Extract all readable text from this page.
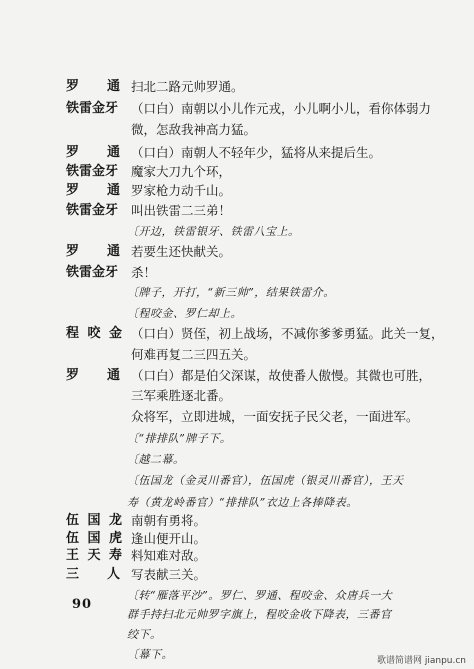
罗 通 扫北二路元帅罗通。
铁 雷 金 牙 （口白）南朝以小儿作元戎，小儿啊小儿，看你体弱力
微，怎敌我神高力猛。
罗 通 （口白）南朝人不轻年少，猛将从来提后生。
铁 雷 金 牙 魔家大刀九个环，
罗 通 罗家枪力动千山。
铁 雷 金 牙 叫出铁雷二三弟！
〔开边，铁雷银牙、铁雷八宝上。
罗 通 若要生还快献关。
铁 雷 金 牙 杀！
〔牌子，开打，“新三帅”，结果铁雷介。
〔程咬金、罗仁却上。
程 咬 金 （口白）贤侄，初上战场，不减你爹爹勇猛。此关一复，
何难再复二三四五关。
罗 通 （口白）都是伯父深谋，故使番人傲慢。其微也可胜，
三军乘胜逐北番。
众将军，立即进城，一面安抚子民父老，一面进军。
〔“排排队”牌子下。
〔越二幕。
〔伍国龙（金灵川番官），伍国虎（银灵川番官），王天
寿（黄龙岭番官）“排排队”衣边上各捧降表。
伍 国 龙 南朝有勇将。
伍 国 虎 逢山便开山。
王 天 寿 料知难对敌。
三 人 写表献三关。
〔转“雁落平沙”。罗仁、罗通、程咬金、众唐兵一大
群手持扫北元帅罗字旗上，程咬金收下降表，三番官
绞下。
〔幕下。
90
歌谱简谱网 jianpu.cn
